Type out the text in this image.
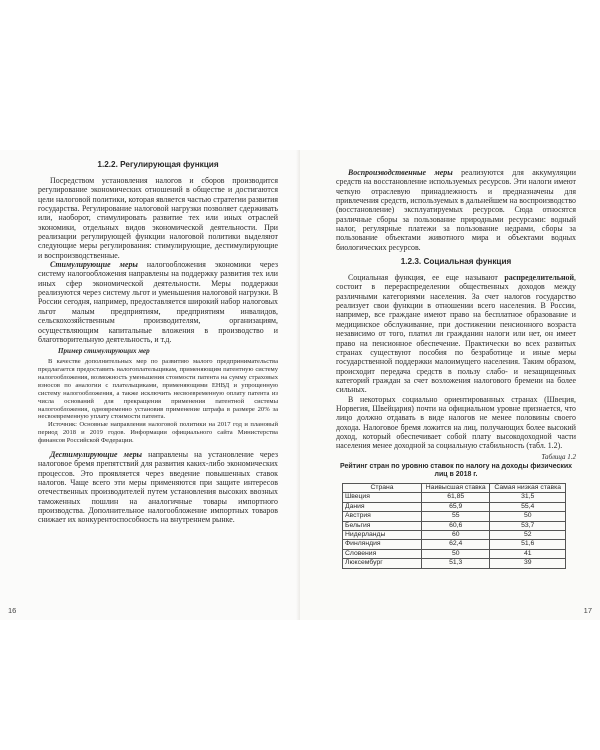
1.2.2. Регулирующая функция

Посредством установления налогов и сборов производится регулирование экономических отношений в обществе и достигаются цели налоговой политики, которая является частью стратегии развития государства. Регулирование налоговой нагрузки позволяет сдерживать или, наоборот, стимулировать развитие тех или иных отраслей экономики, отдельных видов экономической деятельности. При реализации регулирующей функции налоговой политики выделяют следующие меры регулирования: стимулирующие, дестимулирующие и воспроизводственные.

Стимулирующие меры налогообложения экономики через систему налогообложения направлены на поддержку развития тех или иных сфер экономической деятельности. Меры поддержки реализуются через систему льгот и уменьшения налоговой нагрузки. В России сегодня, например, предоставляется широкий набор налоговых льгот малым предприятиям, предприятиям инвалидов, сельскохозяйственным производителям, организациям, осуществляющим капитальные вложения в производство и благотворительную деятельность, и т.д.

Пример стимулирующих мер

В качестве дополнительных мер по развитию малого предпринимательства предлагается предоставить налогоплательщикам, применяющим патентную систему налогообложения, возможность уменьшения стоимости патента на сумму страховых взносов по аналогии с плательщиками, применяющими ЕНВД и упрощенную систему налогообложения, а также исключить несвоевременную оплату патента из числа оснований для прекращения применения патентной системы налогообложения, одновременно установив применение штрафа в размере 20% за несвоевременную уплату стоимости патента.

Источник: Основные направления налоговой политики на 2017 год и плановый период 2018 и 2019 годов. Информации официального сайта Министерства финансов Российской Федерации.

Дестимулирующие меры направлены на установление через налоговое бремя препятствий для развития каких-либо экономических процессов. Это проявляется через введение повышенных ставок налогов. Чаще всего эти меры применяются при защите интересов отечественных производителей путем установления высоких ввозных таможенных пошлин на аналогичные товары импортного производства. Дополнительное налогообложение импортных товаров снижает их конкурентоспособность на внутреннем рынке.

16

Воспроизводственные меры реализуются для аккумуляции средств на восстановление используемых ресурсов. Эти налоги имеют четкую отраслевую принадлежность и предназначены для привлечения средств, используемых в дальнейшем на воспроизводство (восстановление) эксплуатируемых ресурсов. Сюда относятся различные сборы за пользование природными ресурсами: водный налог, регулярные платежи за пользование недрами, сборы за пользование объектами животного мира и объектами водных биологических ресурсов.

1.2.3. Социальная функция

Социальная функция, ее еще называют распределительной, состоит в перераспределении общественных доходов между различными категориями населения. За счет налогов государство реализует свои функции в отношении всего населения. В России, например, все граждане имеют право на бесплатное образование и медицинское обслуживание, при достижении пенсионного возраста независимо от того, платил ли гражданин налоги или нет, он имеет право на пенсионное обеспечение. Практически во всех развитых странах существуют пособия по безработице и иные меры государственной поддержки малоимущего населения. Таким образом, происходит передача средств в пользу слабо- и незащищенных категорий граждан за счет возложения налогового бремени на более сильных.

В некоторых социально ориентированных странах (Швеция, Норвегия, Швейцария) почти на официальном уровне признается, что лицо должно отдавать в виде налогов не менее половины своего дохода. Налоговое бремя ложится на лиц, получающих более высокий доход, который обеспечивает собой плату высокодоходной части населения менее доходной за социальную стабильность (табл. 1.2).

Таблица 1.2

Рейтинг стран по уровню ставок по налогу на доходы физических лиц в 2018 г.

Страна	Наивысшая ставка	Самая низкая ставка
Швеция	61,85	31,5
Дания	65,9	55,4
Австрия	55	50
Бельгия	60,6	53,7
Нидерланды	60	52
Финляндия	62,4	51,6
Словения	50	41
Люксембург	51,3	39
17
